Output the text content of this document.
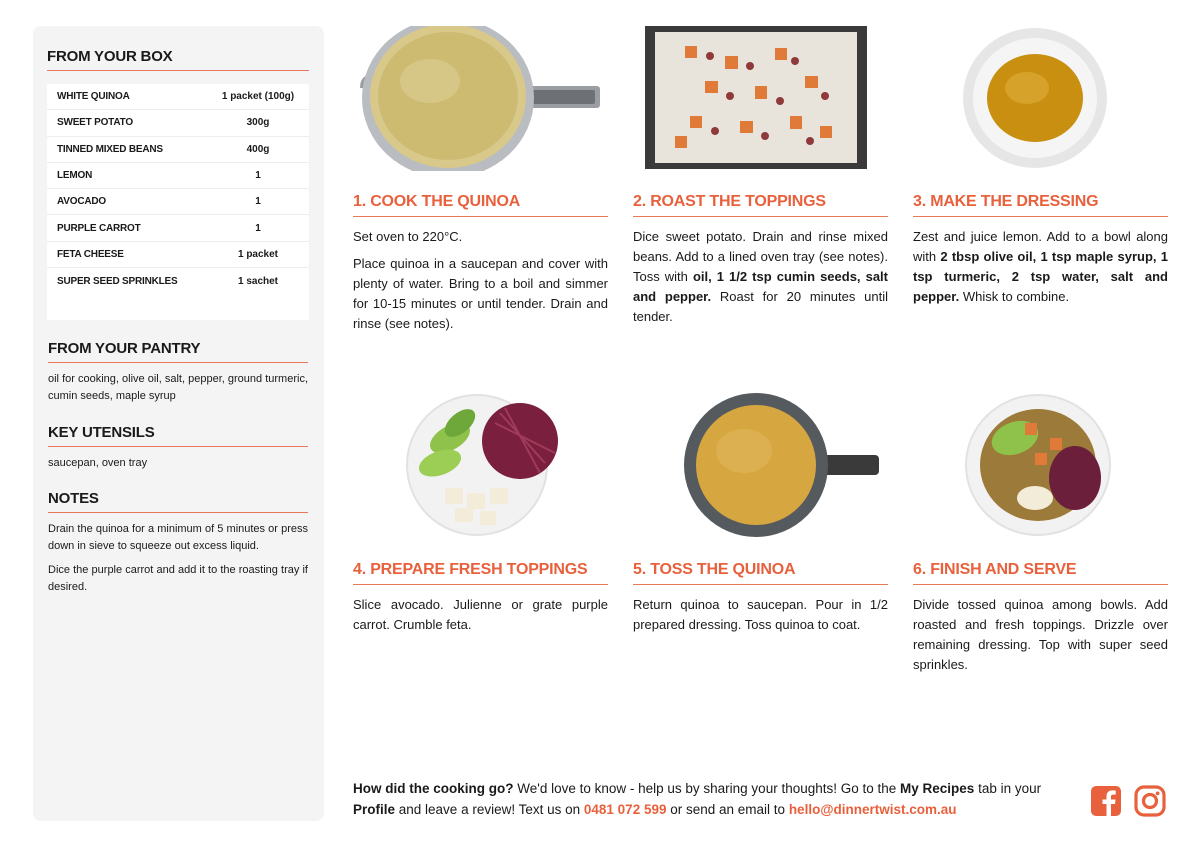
FROM YOUR BOX
WHITE QUINOA	1 packet (100g)
SWEET POTATO	300g
TINNED MIXED BEANS	400g
LEMON	1
AVOCADO	1
PURPLE CARROT	1
FETA CHEESE	1 packet
SUPER SEED SPRINKLES	1 sachet
FROM YOUR PANTRY

oil for cooking, olive oil, salt, pepper, ground turmeric, cumin seeds, maple syrup

KEY UTENSILS

saucepan, oven tray

NOTES

Drain the quinoa for a minimum of 5 minutes or press down in sieve to squeeze out excess liquid.

Dice the purple carrot and add it to the roasting tray if desired.

1. COOK THE QUINOA

Set oven to 220°C.

Place quinoa in a saucepan and cover with plenty of water. Bring to a boil and simmer for 10-15 minutes or until tender. Drain and rinse (see notes).

2. ROAST THE TOPPINGS

Dice sweet potato. Drain and rinse mixed beans. Add to a lined oven tray (see notes). Toss with oil, 1 1/2 tsp cumin seeds, salt and pepper. Roast for 20 minutes until tender.

3. MAKE THE DRESSING

Zest and juice lemon. Add to a bowl along with 2 tbsp olive oil, 1 tsp maple syrup, 1 tsp turmeric, 2 tsp water, salt and pepper. Whisk to combine.

4. PREPARE FRESH TOPPINGS

Slice avocado. Julienne or grate purple carrot. Crumble feta.

5. TOSS THE QUINOA

Return quinoa to saucepan. Pour in 1/2 prepared dressing. Toss quinoa to coat.

6. FINISH AND SERVE

Divide tossed quinoa among bowls. Add roasted and fresh toppings. Drizzle over remaining dressing. Top with super seed sprinkles.

How did the cooking go? We'd love to know - help us by sharing your thoughts! Go to the My Recipes tab in your Profile and leave a review! Text us on 0481 072 599 or send an email to hello@dinnertwist.com.au
